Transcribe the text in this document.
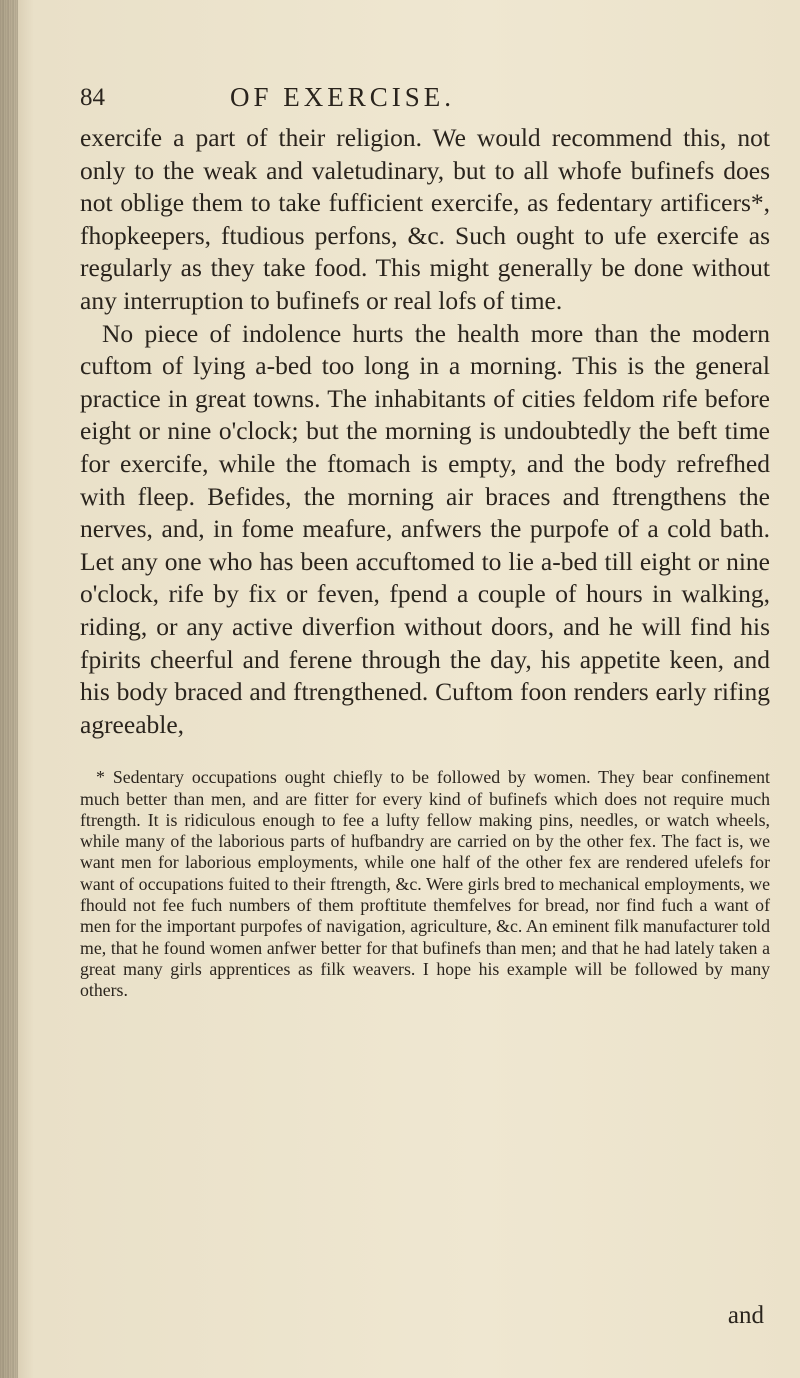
84	OF EXERCISE.

exercife a part of their religion. We would recommend this, not only to the weak and valetudinary, but to all whofe bufinefs does not oblige them to take fufficient exercife, as fedentary artificers*, fhopkeepers, ftudious perfons, &c. Such ought to ufe exercife as regularly as they take food. This might generally be done without any interruption to bufinefs or real lofs of time.

No piece of indolence hurts the health more than the modern cuftom of lying a-bed too long in a morning. This is the general practice in great towns. The inhabitants of cities feldom rife before eight or nine o'clock; but the morning is undoubtedly the beft time for exercife, while the ftomach is empty, and the body refrefhed with fleep. Befides, the morning air braces and ftrengthens the nerves, and, in fome meafure, anfwers the purpofe of a cold bath. Let any one who has been accuftomed to lie a-bed till eight or nine o'clock, rife by fix or feven, fpend a couple of hours in walking, riding, or any active diverfion without doors, and he will find his fpirits cheerful and ferene through the day, his appetite keen, and his body braced and ftrengthened. Cuftom foon renders early rifing agreeable,

* Sedentary occupations ought chiefly to be followed by women. They bear confinement much better than men, and are fitter for every kind of bufinefs which does not require much ftrength. It is ridiculous enough to fee a lufty fellow making pins, needles, or watch wheels, while many of the laborious parts of hufbandry are carried on by the other fex. The fact is, we want men for laborious employments, while one half of the other fex are rendered ufelefs for want of occupations fuited to their ftrength, &c. Were girls bred to mechanical employments, we fhould not fee fuch numbers of them proftitute themfelves for bread, nor find fuch a want of men for the important purpofes of navigation, agriculture, &c. An eminent filk manufacturer told me, that he found women anfwer better for that bufinefs than men; and that he had lately taken a great many girls apprentices as filk weavers. I hope his example will be followed by many others.

and
